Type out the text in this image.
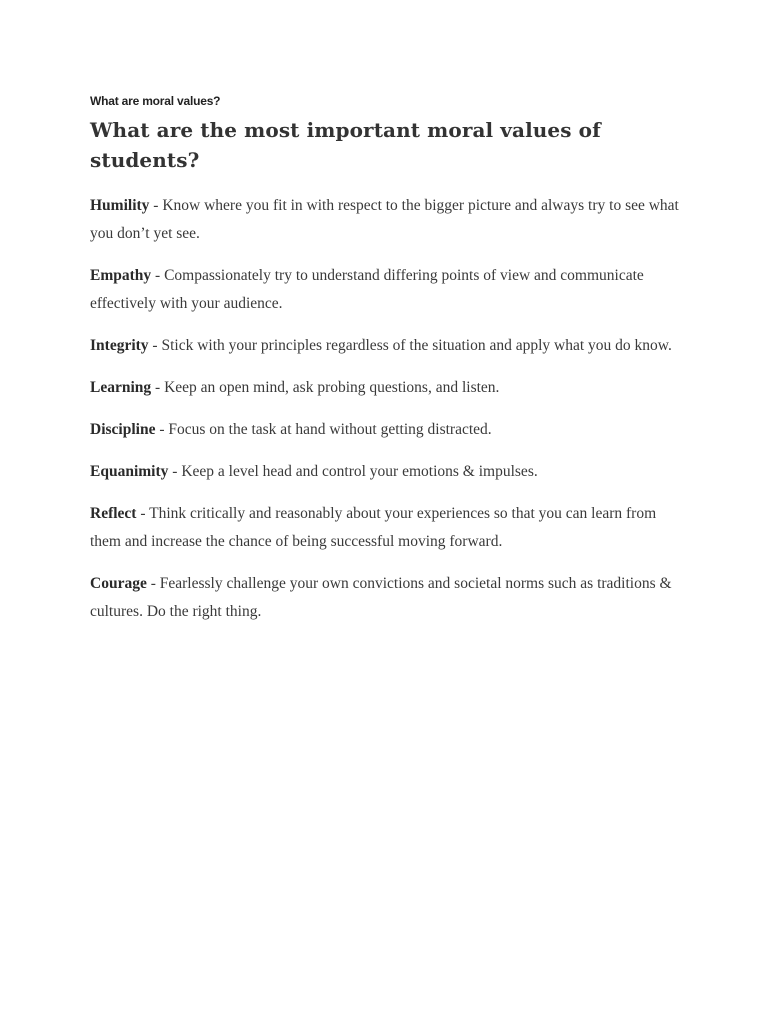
What are moral values?
What are the most important moral values of students?

Humility - Know where you fit in with respect to the bigger picture and always try to see what you don’t yet see.

Empathy - Compassionately try to understand differing points of view and communicate effectively with your audience.

Integrity - Stick with your principles regardless of the situation and apply what you do know.

Learning - Keep an open mind, ask probing questions, and listen.

Discipline - Focus on the task at hand without getting distracted.

Equanimity - Keep a level head and control your emotions & impulses.

Reflect - Think critically and reasonably about your experiences so that you can learn from them and increase the chance of being successful moving forward.

Courage - Fearlessly challenge your own convictions and societal norms such as traditions & cultures. Do the right thing.
